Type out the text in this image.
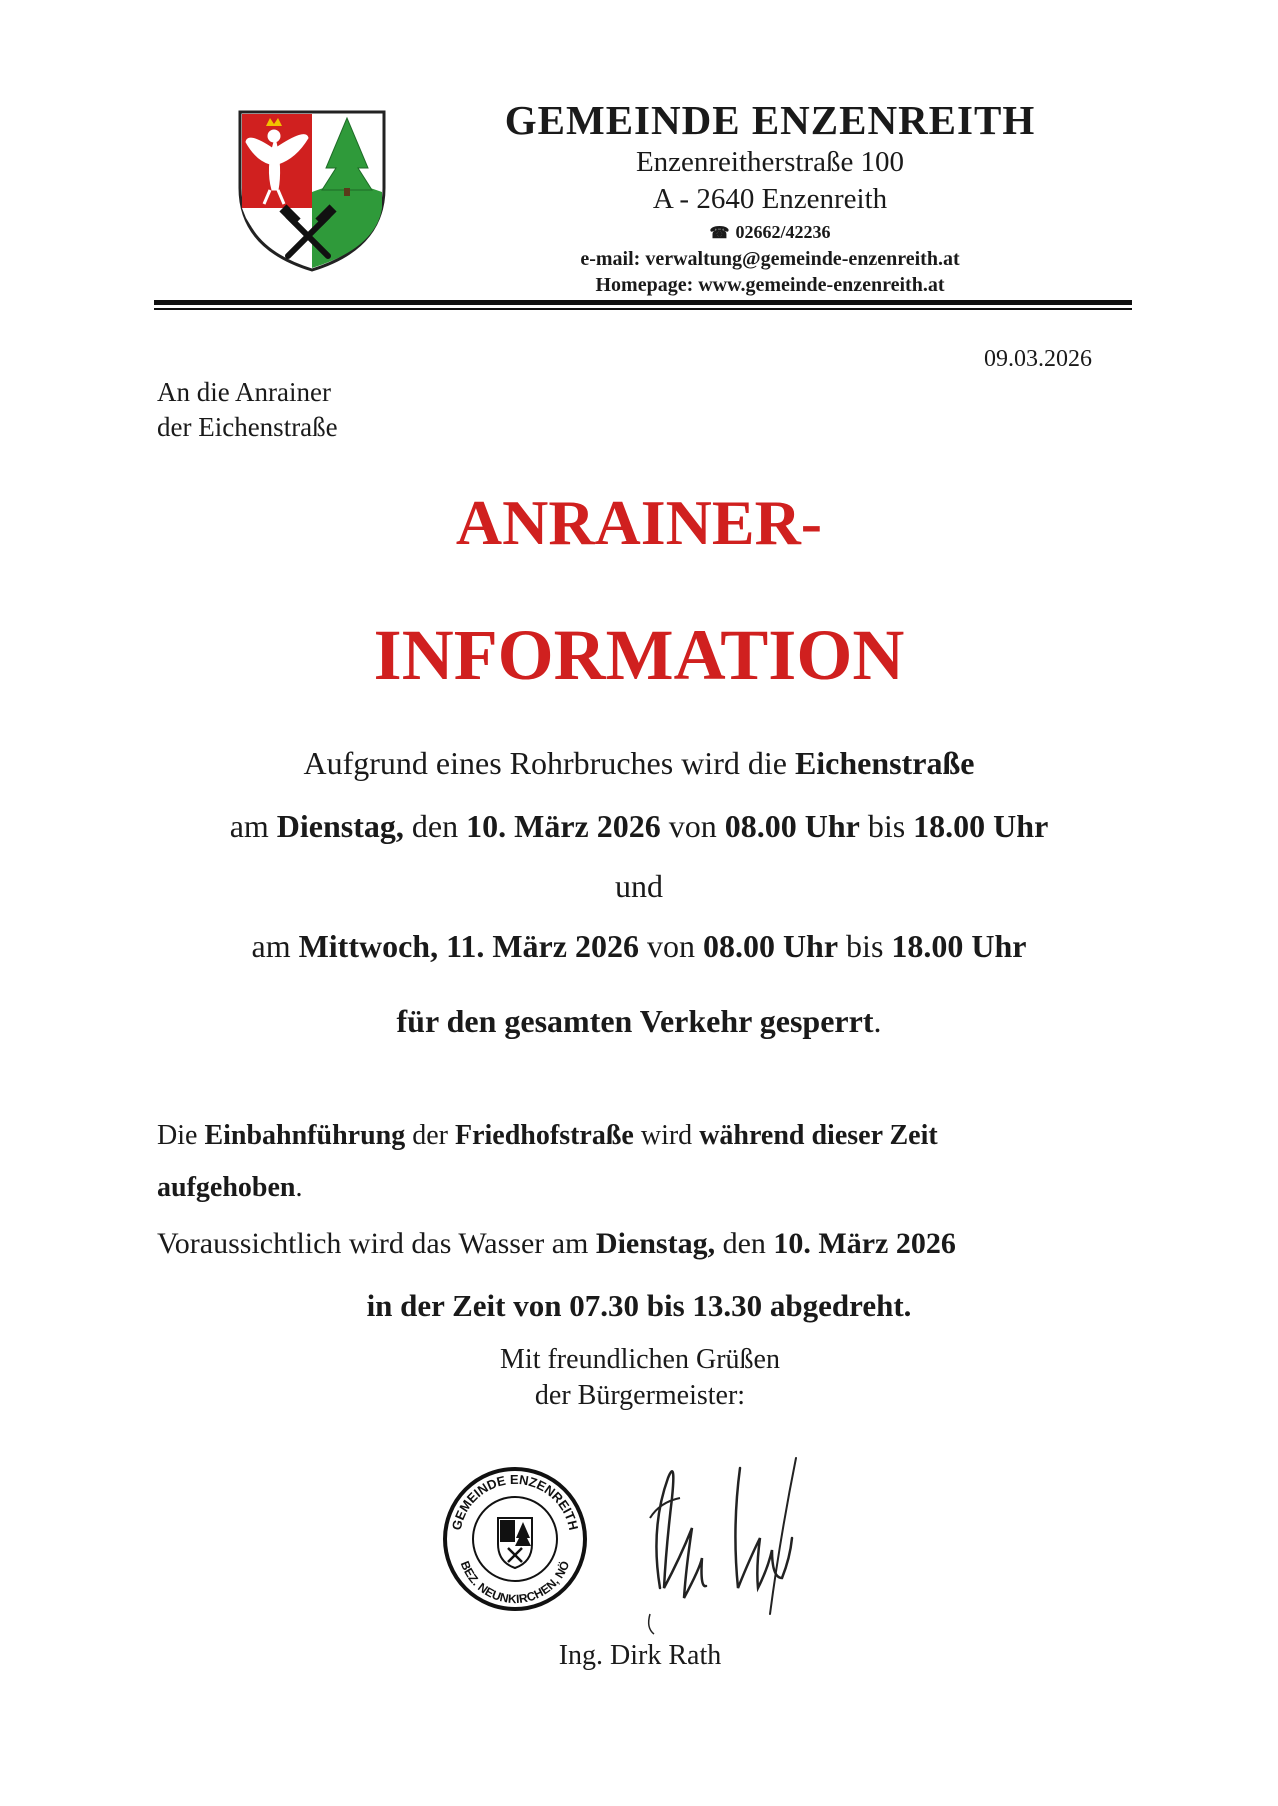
GEMEINDE ENZENREITH
Enzenreitherstraße 100
A - 2640 Enzenreith
☎ 02662/42236
e-mail: verwaltung@gemeinde-enzenreith.at
Homepage: www.gemeinde-enzenreith.at
09.03.2026
An die Anrainer
der Eichenstraße
ANRAINER-
INFORMATION
Aufgrund eines Rohrbruches wird die Eichenstraße
am Dienstag, den 10. März 2026 von 08.00 Uhr bis 18.00 Uhr
und
am Mittwoch, 11. März 2026 von 08.00 Uhr bis 18.00 Uhr
für den gesamten Verkehr gesperrt.
Die Einbahnführung der Friedhofstraße wird während dieser Zeit
aufgehoben.
Voraussichtlich wird das Wasser am Dienstag, den 10. März 2026
in der Zeit von 07.30 bis 13.30 abgedreht.
Mit freundlichen Grüßen
der Bürgermeister:
GEMEINDE ENZENREITH
BEZ. NEUNKIRCHEN, NÖ
Ing. Dirk Rath
